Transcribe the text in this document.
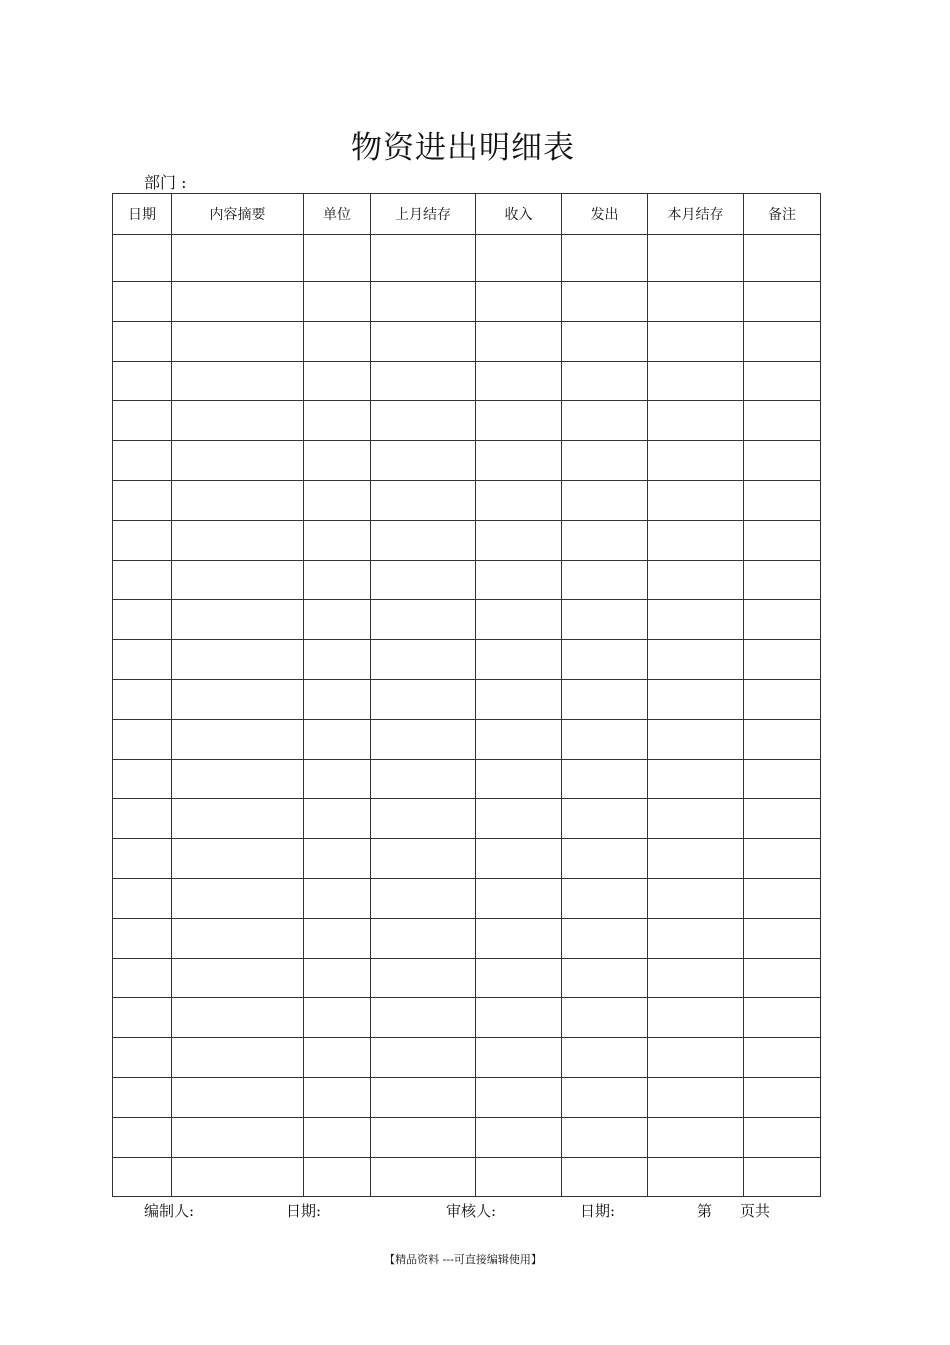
物资进出明细表
部门 :
日期	内容摘要	单位	上月结存	收入	发出	本月结存	备注

编制人:	日期:	审核人:	日期:	第 页共
【精品资料 ---可直接编辑使用】
